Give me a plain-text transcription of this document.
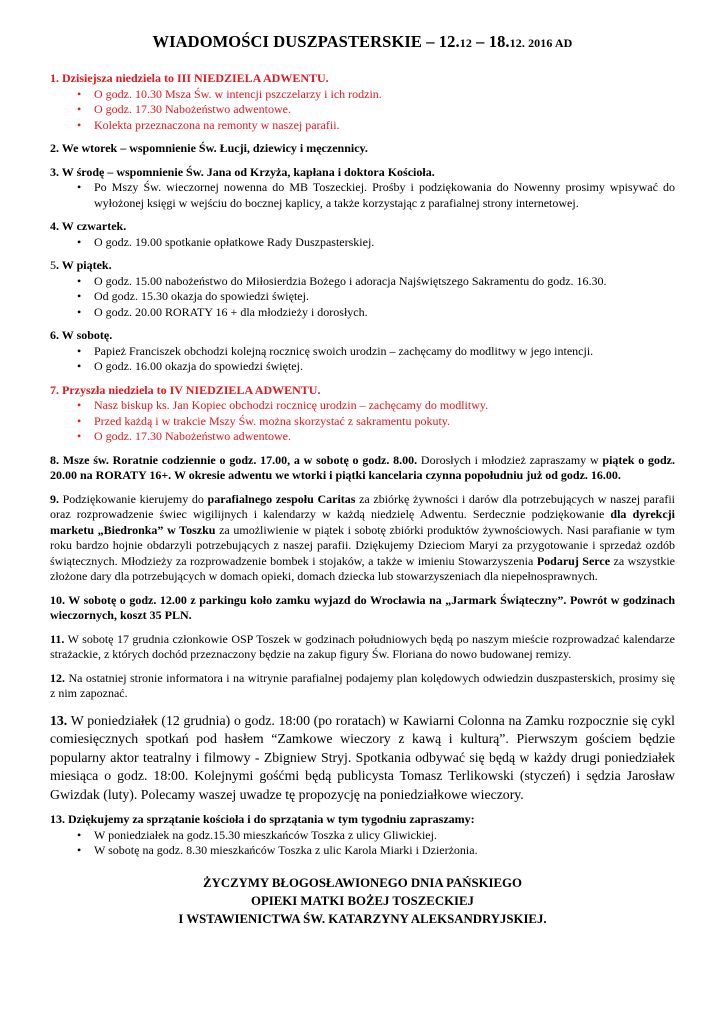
WIADOMOŚCI DUSZPASTERSKIE – 12.12 – 18.12. 2016 AD
1. Dzisiejsza niedziela to III NIEDZIELA ADWENTU.
• O godz. 10.30 Msza Św. w intencji pszczelarzy i ich rodzin.
• O godz. 17.30 Nabożeństwo adwentowe.
• Kolekta przeznaczona na remonty w naszej parafii.
2. We wtorek – wspomnienie Św. Łucji, dziewicy i męczennicy.
3. W środę – wspomnienie Św. Jana od Krzyża, kapłana i doktora Kościoła.
• Po Mszy Św. wieczornej nowenna do MB Toszeckiej. Prośby i podziękowania do Nowenny prosimy wpisywać do wyłożonej księgi w wejściu do bocznej kaplicy, a także korzystając z parafialnej strony internetowej.
4. W czwartek.
• O godz. 19.00 spotkanie opłatkowe Rady Duszpasterskiej.
5. W piątek.
• O godz. 15.00 nabożeństwo do Miłosierdzia Bożego i adoracja Najświętszego Sakramentu do godz. 16.30.
• Od godz. 15.30 okazja do spowiedzi świętej.
• O godz. 20.00 RORATY 16 + dla młodzieży i dorosłych.
6. W sobotę.
• Papież Franciszek obchodzi kolejną rocznicę swoich urodzin – zachęcamy do modlitwy w jego intencji.
• O godz. 16.00 okazja do spowiedzi świętej.
7. Przyszła niedziela to IV NIEDZIELA ADWENTU.
• Nasz biskup ks. Jan Kopiec obchodzi rocznicę urodzin – zachęcamy do modlitwy.
• Przed każdą i w trakcie Mszy Św. można skorzystać z sakramentu pokuty.
• O godz. 17.30 Nabożeństwo adwentowe.
8. Msze św. Roratnie codziennie o godz. 17.00, a w sobotę o godz. 8.00. Dorosłych i młodzież zapraszamy w piątek o godz. 20.00 na RORATY 16+. W okresie adwentu we wtorki i piątki kancelaria czynna popołudniu już od godz. 16.00.
9. Podziękowanie kierujemy do parafialnego zespołu Caritas za zbiórkę żywności i darów dla potrzebujących w naszej parafii oraz rozprowadzenie świec wigilijnych i kalendarzy w każdą niedzielę Adwentu. Serdecznie podziękowanie dla dyrekcji marketu „Biedronka” w Toszku za umożliwienie w piątek i sobotę zbiórki produktów żywnościowych. Nasi parafianie w tym roku bardzo hojnie obdarzyli potrzebujących z naszej parafii. Dziękujemy Dzieciom Maryi za przygotowanie i sprzedaż ozdób świątecznych. Młodzieży za rozprowadzenie bombek i stojaków, a także w imieniu Stowarzyszenia Podaruj Serce za wszystkie złożone dary dla potrzebujących w domach opieki, domach dziecka lub stowarzyszeniach dla niepełnosprawnych.
10. W sobotę o godz. 12.00 z parkingu koło zamku wyjazd do Wrocławia na „Jarmark Świąteczny”. Powrót w godzinach wieczornych, koszt 35 PLN.
11. W sobotę 17 grudnia członkowie OSP Toszek w godzinach południowych będą po naszym mieście rozprowadzać kalendarze strażackie, z których dochód przeznaczony będzie na zakup figury Św. Floriana do nowo budowanej remizy.
12. Na ostatniej stronie informatora i na witrynie parafialnej podajemy plan kolędowych odwiedzin duszpasterskich, prosimy się z nim zapoznać.
13. W poniedziałek (12 grudnia) o godz. 18:00 (po roratach) w Kawiarni Colonna na Zamku rozpocznie się cykl comiesięcznych spotkań pod hasłem “Zamkowe wieczory z kawą i kulturą”. Pierwszym gościem będzie popularny aktor teatralny i filmowy - Zbigniew Stryj. Spotkania odbywać się będą w każdy drugi poniedziałek miesiąca o godz. 18:00. Kolejnymi gośćmi będą publicysta Tomasz Terlikowski (styczeń) i sędzia Jarosław Gwizdak (luty). Polecamy waszej uwadze tę propozycję na poniedziałkowe wieczory.
13. Dziękujemy za sprzątanie kościoła i do sprzątania w tym tygodniu zapraszamy:
• W poniedziałek na godz.15.30 mieszkańców Toszka z ulicy Gliwickiej.
• W sobotę na godz. 8.30 mieszkańców Toszka z ulic Karola Miarki i Dzierżonia.
ŻYCZYMY BŁOGOSŁAWIONEGO DNIA PAŃSKIEGO
OPIEKI MATKI BOŻEJ TOSZECKIEJ
I WSTAWIENICTWA ŚW. KATARZYNY ALEKSANDRYJSKIEJ.
